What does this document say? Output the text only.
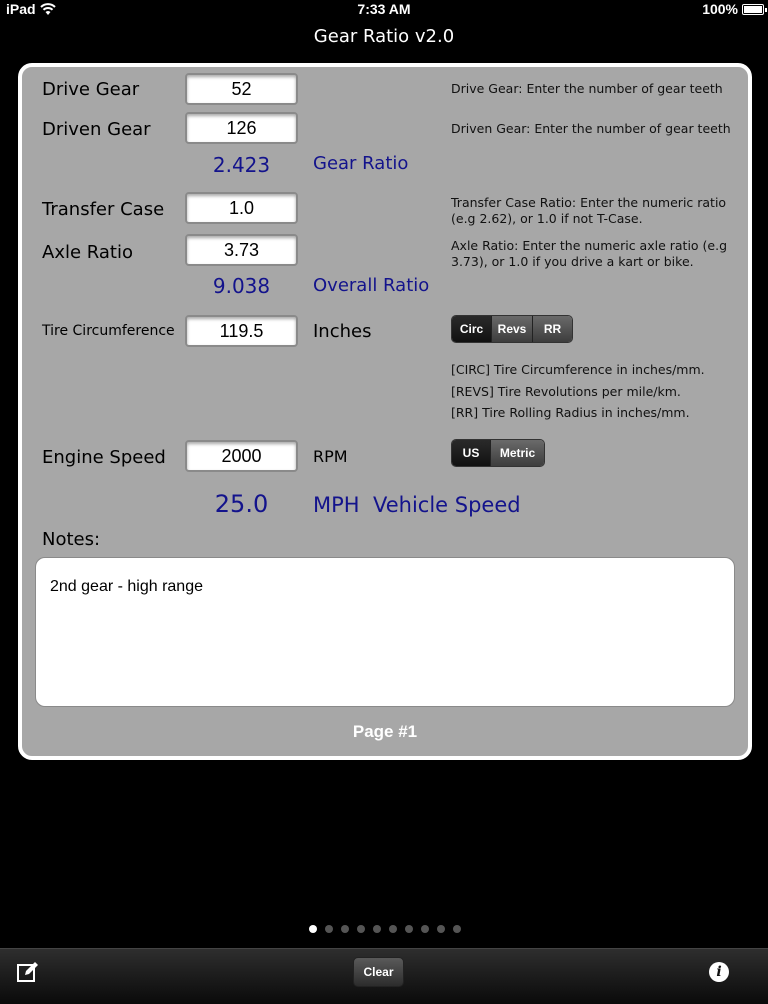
iPad	7:33 AM	100%
Gear Ratio v2.0
Drive Gear	52	Drive Gear: Enter the number of gear teeth
Driven Gear	126	Driven Gear: Enter the number of gear teeth
2.423	Gear Ratio
Transfer Case	1.0	Transfer Case Ratio: Enter the numeric ratio
(e.g 2.62), or 1.0 if not T-Case.
Axle Ratio	3.73	Axle Ratio: Enter the numeric axle ratio (e.g
3.73), or 1.0 if you drive a kart or bike.
9.038	Overall Ratio
Tire Circumference	119.5	Inches	Circ	Revs	RR
[CIRC] Tire Circumference in inches/mm.
[REVS] Tire Revolutions per mile/km.
[RR] Tire Rolling Radius in inches/mm.
Engine Speed	2000	RPM	US	Metric
25.0	MPH Vehicle Speed
Notes:
2nd gear - high range
Page #1
Clear	i
